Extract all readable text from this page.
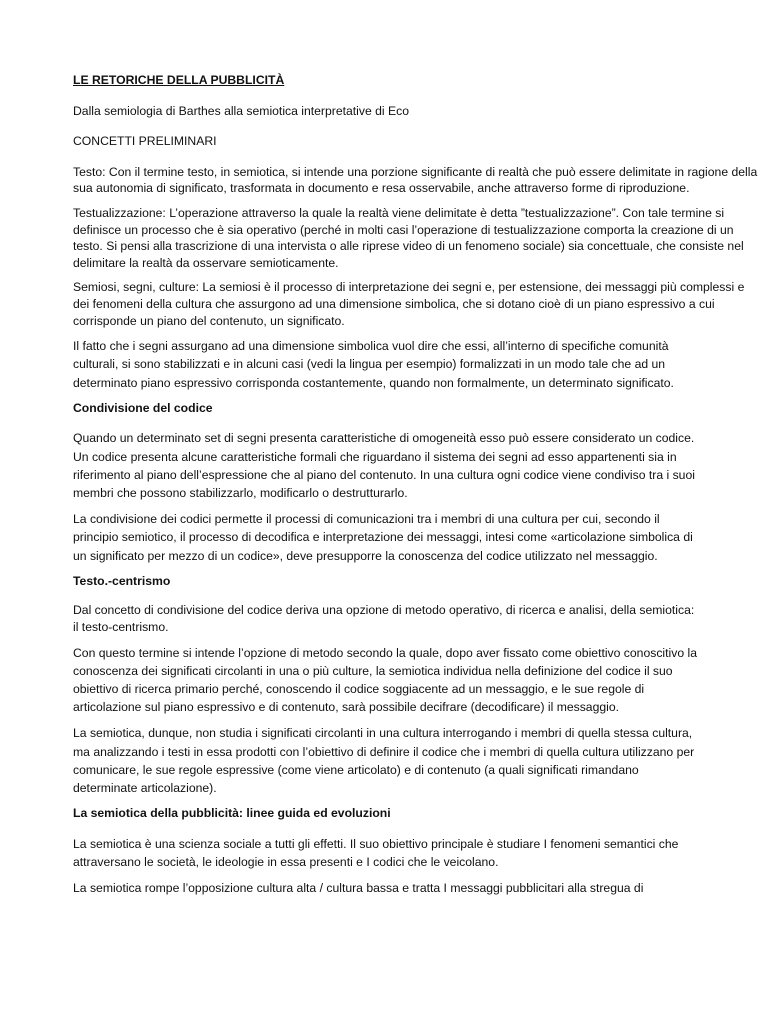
LE RETORICHE DELLA PUBBLICITÀ

Dalla semiologia di Barthes alla semiotica interpretative di Eco

CONCETTI PRELIMINARI

Testo: Con il termine testo, in semiotica, si intende una porzione significante di realtà che può essere delimitate in ragione della sua autonomia di significato, trasformata in documento e resa osservabile, anche attraverso forme di riproduzione.

Testualizzazione: L’operazione attraverso la quale la realtà viene delimitate è detta ”testualizzazione”. Con tale termine si definisce un processo che è sia operativo (perché in molti casi l’operazione di testualizzazione comporta la creazione di un testo. Si pensi alla trascrizione di una intervista o alle riprese video di un fenomeno sociale) sia concettuale, che consiste nel delimitare la realtà da osservare semioticamente.

Semiosi, segni, culture: La semiosi è il processo di interpretazione dei segni e, per estensione, dei messaggi più complessi e dei fenomeni della cultura che assurgono ad una dimensione simbolica, che si dotano cioè di un piano espressivo a cui corrisponde un piano del contenuto, un significato.

Il fatto che i segni assurgano ad una dimensione simbolica vuol dire che essi, all’interno di specifiche comunità culturali, si sono stabilizzati e in alcuni casi (vedi la lingua per esempio) formalizzati in un modo tale che ad un determinato piano espressivo corrisponda costantemente, quando non formalmente, un determinato significato.

Condivisione del codice

Quando un determinato set di segni presenta caratteristiche di omogeneità esso può essere considerato un codice. Un codice presenta alcune caratteristiche formali che riguardano il sistema dei segni ad esso appartenenti sia in riferimento al piano dell’espressione che al piano del contenuto. In una cultura ogni codice viene condiviso tra i suoi membri che possono stabilizzarlo, modificarlo o destrutturarlo.

La condivisione dei codici permette il processi di comunicazioni tra i membri di una cultura per cui, secondo il principio semiotico, il processo di decodifica e interpretazione dei messaggi, intesi come «articolazione simbolica di un significato per mezzo di un codice», deve presupporre la conoscenza del codice utilizzato nel messaggio.

Testo.-centrismo

Dal concetto di condivisione del codice deriva una opzione di metodo operativo, di ricerca e analisi, della semiotica: il testo-centrismo.

Con questo termine si intende l’opzione di metodo secondo la quale, dopo aver fissato come obiettivo conoscitivo la conoscenza dei significati circolanti in una o più culture, la semiotica individua nella definizione del codice il suo obiettivo di ricerca primario perché, conoscendo il codice soggiacente ad un messaggio, e le sue regole di articolazione sul piano espressivo e di contenuto, sarà possibile decifrare (decodificare) il messaggio.

La semiotica, dunque, non studia i significati circolanti in una cultura interrogando i membri di quella stessa cultura, ma analizzando i testi in essa prodotti con l’obiettivo di definire il codice che i membri di quella cultura utilizzano per comunicare, le sue regole espressive (come viene articolato) e di contenuto (a quali significati rimandano determinate articolazione).

La semiotica della pubblicità: linee guida ed evoluzioni

La semiotica è una scienza sociale a tutti gli effetti. Il suo obiettivo principale è studiare I fenomeni semantici che attraversano le società, le ideologie in essa presenti e I codici che le veicolano.

La semiotica rompe l’opposizione cultura alta / cultura bassa e tratta I messaggi pubblicitari alla stregua di
